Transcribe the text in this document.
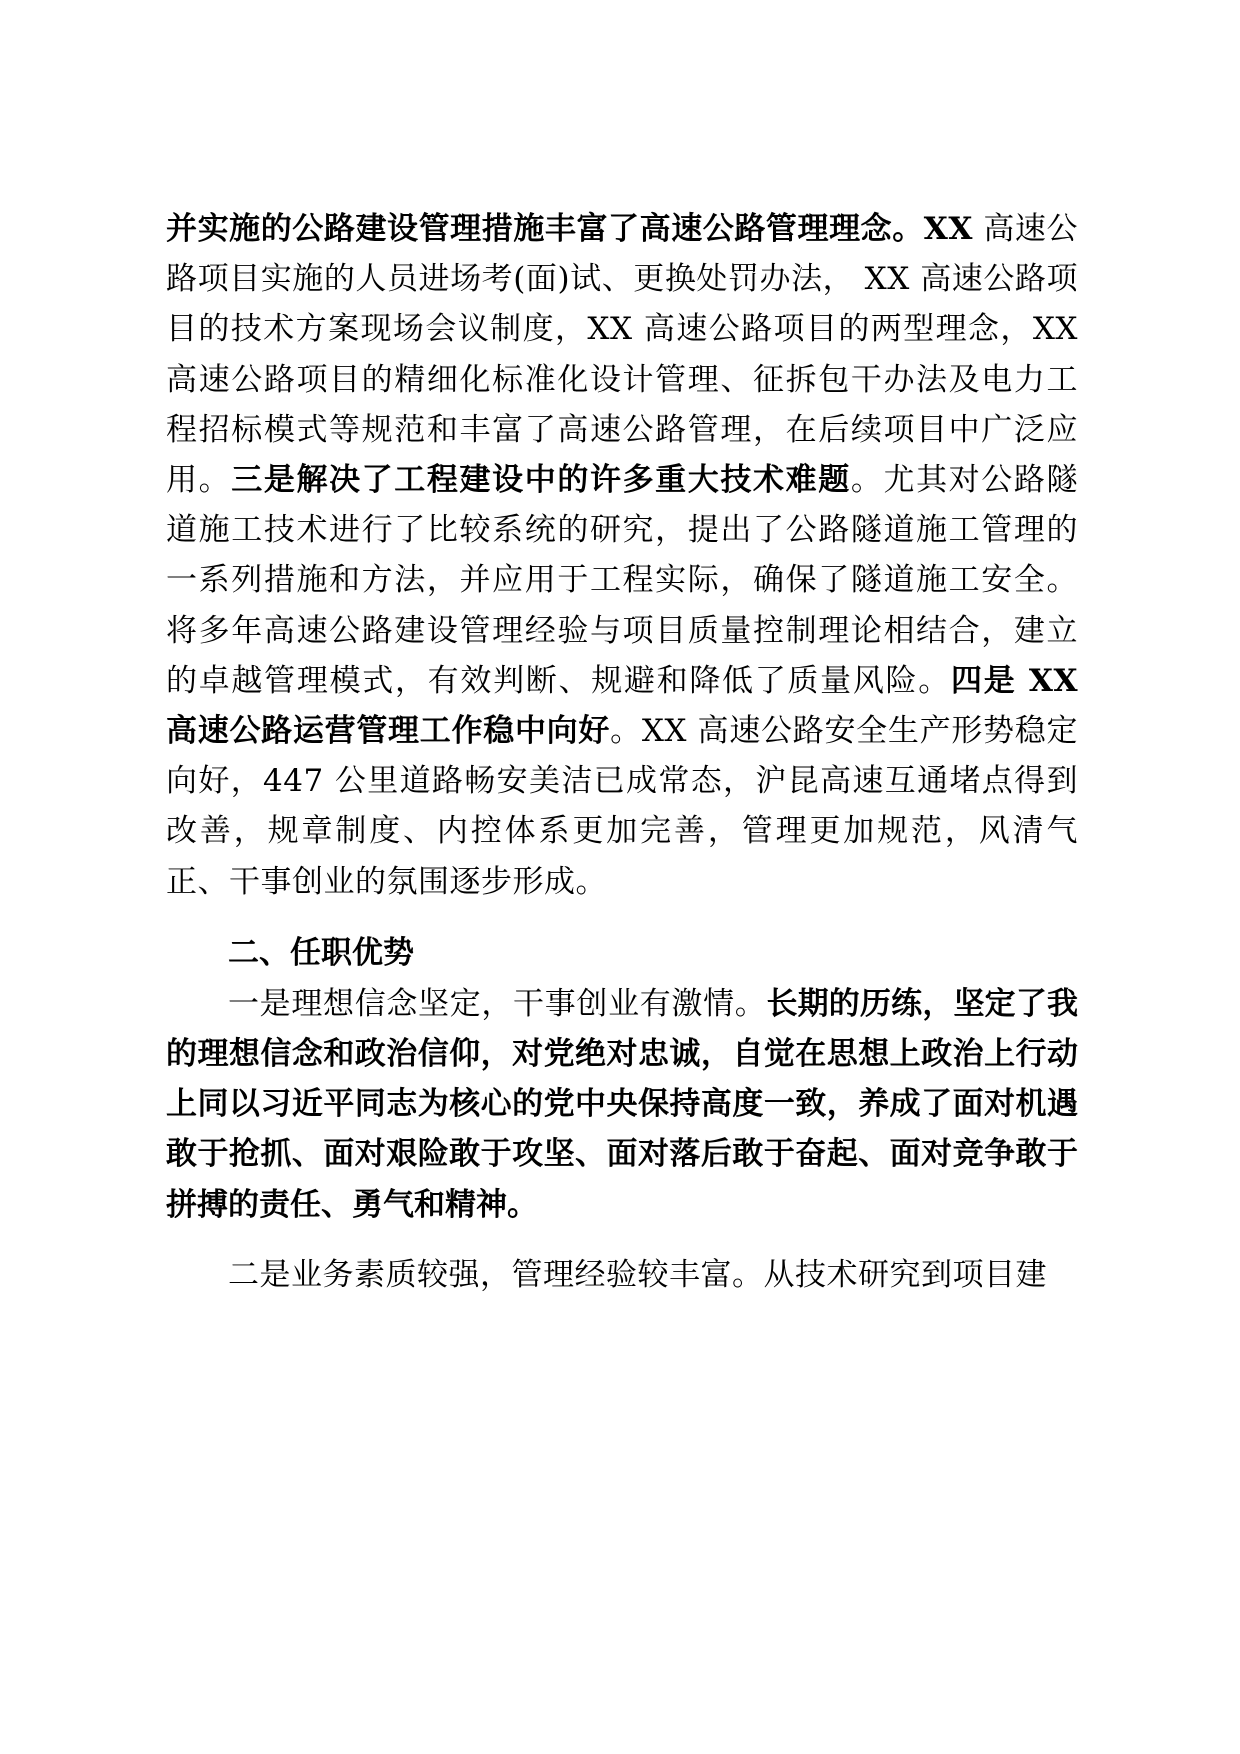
并实施的公路建设管理措施丰富了高速公路管理理念。XX 高速公路项目实施的人员进场考(面)试、更换处罚办法， XX 高速公路项目的技术方案现场会议制度，XX 高速公路项目的两型理念，XX 高速公路项目的精细化标准化设计管理、征拆包干办法及电力工程招标模式等规范和丰富了高速公路管理，在后续项目中广泛应用。三是解决了工程建设中的许多重大技术难题。尤其对公路隧道施工技术进行了比较系统的研究，提出了公路隧道施工管理的一系列措施和方法，并应用于工程实际，确保了隧道施工安全。将多年高速公路建设管理经验与项目质量控制理论相结合，建立的卓越管理模式，有效判断、规避和降低了质量风险。四是 XX 高速公路运营管理工作稳中向好。XX 高速公路安全生产形势稳定向好，447 公里道路畅安美洁已成常态，沪昆高速互通堵点得到改善，规章制度、内控体系更加完善，管理更加规范，风清气正、干事创业的氛围逐步形成。

二、任职优势

一是理想信念坚定，干事创业有激情。长期的历练，坚定了我的理想信念和政治信仰，对党绝对忠诚，自觉在思想上政治上行动上同以习近平同志为核心的党中央保持高度一致，养成了面对机遇敢于抢抓、面对艰险敢于攻坚、面对落后敢于奋起、面对竞争敢于拼搏的责任、勇气和精神。

二是业务素质较强，管理经验较丰富。从技术研究到项目建
